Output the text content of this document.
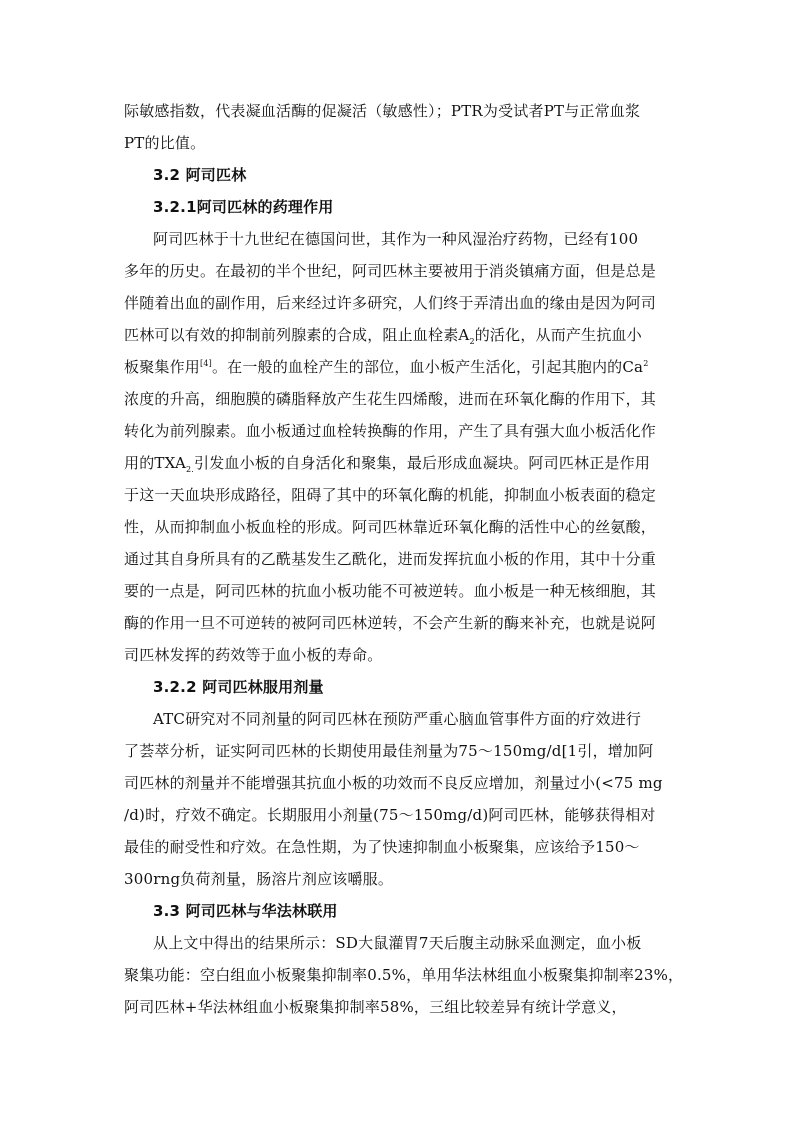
际敏感指数，代表凝血活酶的促凝活（敏感性）；PTR为受试者PT与正常血浆
PT的比值。
3.2 阿司匹林
3.2.1阿司匹林的药理作用
阿司匹林于十九世纪在德国问世，其作为一种风湿治疗药物，已经有100
多年的历史。在最初的半个世纪，阿司匹林主要被用于消炎镇痛方面，但是总是
伴随着出血的副作用，后来经过许多研究，人们终于弄清出血的缘由是因为阿司
匹林可以有效的抑制前列腺素的合成，阻止血栓素$A_2$的活化，从而产生抗血小
板聚集作用[4]。在一般的血栓产生的部位，血小板产生活化，引起其胞内的Ca$^2$
浓度的升高，细胞膜的磷脂释放产生花生四烯酸，进而在环氧化酶的作用下，其
转化为前列腺素。血小板通过血栓转换酶的作用，产生了具有强大血小板活化作
用的$TXA_{2.}$引发血小板的自身活化和聚集，最后形成血凝块。阿司匹林正是作用
于这一天血块形成路径，阻碍了其中的环氧化酶的机能，抑制血小板表面的稳定
性，从而抑制血小板血栓的形成。阿司匹林靠近环氧化酶的活性中心的丝氨酸，
通过其自身所具有的乙酰基发生乙酰化，进而发挥抗血小板的作用，其中十分重
要的一点是，阿司匹林的抗血小板功能不可被逆转。血小板是一种无核细胞，其
酶的作用一旦不可逆转的被阿司匹林逆转，不会产生新的酶来补充，也就是说阿
司匹林发挥的药效等于血小板的寿命。
3.2.2 阿司匹林服用剂量
ATC研究对不同剂量的阿司匹林在预防严重心脑血管事件方面的疗效进行
了荟萃分析，证实阿司匹林的长期使用最佳剂量为75～150mg/d[1引，增加阿
司匹林的剂量并不能增强其抗血小板的功效而不良反应增加，剂量过小(<75 mg
/d)时，疗效不确定。长期服用小剂量(75～150mg/d)阿司匹林，能够获得相对
最佳的耐受性和疗效。在急性期，为了快速抑制血小板聚集，应该给予150～
300rng负荷剂量，肠溶片剂应该嚼服。
3.3 阿司匹林与华法林联用
从上文中得出的结果所示：SD大鼠灌胃7天后腹主动脉采血测定，血小板
聚集功能：空白组血小板聚集抑制率0.5%，单用华法林组血小板聚集抑制率23%，
阿司匹林+华法林组血小板聚集抑制率58%，三组比较差异有统计学意义，
